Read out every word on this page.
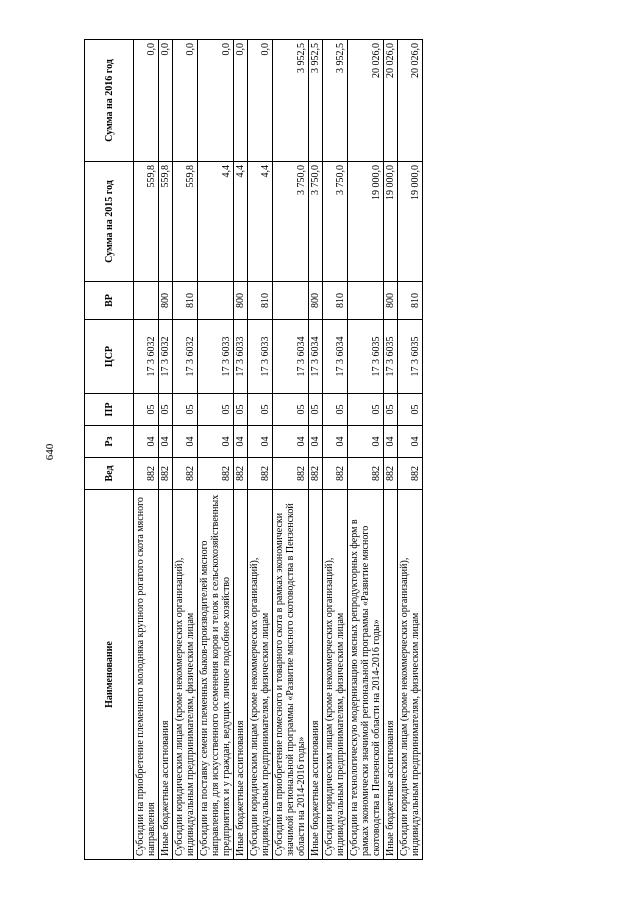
640
Наименование	Вед	Рз	ПР	ЦСР	ВР	Сумма на 2015 год	Сумма на 2016 год
Субсидии на приобретение племенного молодняка крупного рогатого скота мясного направления	882	04	05	17 3 6032		559,8	0,0
Иные бюджетные ассигнования	882	04	05	17 3 6032	800	559,8	0,0
Субсидии юридическим лицам (кроме некоммерческих организаций), индивидуальным предпринимателям, физическим лицам	882	04	05	17 3 6032	810	559,8	0,0
Субсидии на поставку семени племенных быков-производителей мясного направления, для искусственного осеменения коров и телок в сельскохозяйственных предприятиях и у граждан, ведущих личное подсобное хозяйство	882	04	05	17 3 6033		4,4	0,0
Иные бюджетные ассигнования	882	04	05	17 3 6033	800	4,4	0,0
Субсидии юридическим лицам (кроме некоммерческих организаций), индивидуальным предпринимателям, физическим лицам	882	04	05	17 3 6033	810	4,4	0,0
Субсидии на приобретение помесного и товарного скота в рамках экономически значимой региональной программы «Развитие мясного скотоводства в Пензенской области на 2014-2016 годы»	882	04	05	17 3 6034		3 750,0	3 952,5
Иные бюджетные ассигнования	882	04	05	17 3 6034	800	3 750,0	3 952,5
Субсидии юридическим лицам (кроме некоммерческих организаций), индивидуальным предпринимателям, физическим лицам	882	04	05	17 3 6034	810	3 750,0	3 952,5
Субсидии на технологическую модернизацию мясных репродукторных ферм в рамках экономически значимой региональной программы «Развитие мясного скотоводства в Пензенской области на 2014-2016 годы»	882	04	05	17 3 6035		19 000,0	20 026,0
Иные бюджетные ассигнования	882	04	05	17 3 6035	800	19 000,0	20 026,0
Субсидии юридическим лицам (кроме некоммерческих организаций), индивидуальным предпринимателям, физическим лицам	882	04	05	17 3 6035	810	19 000,0	20 026,0
